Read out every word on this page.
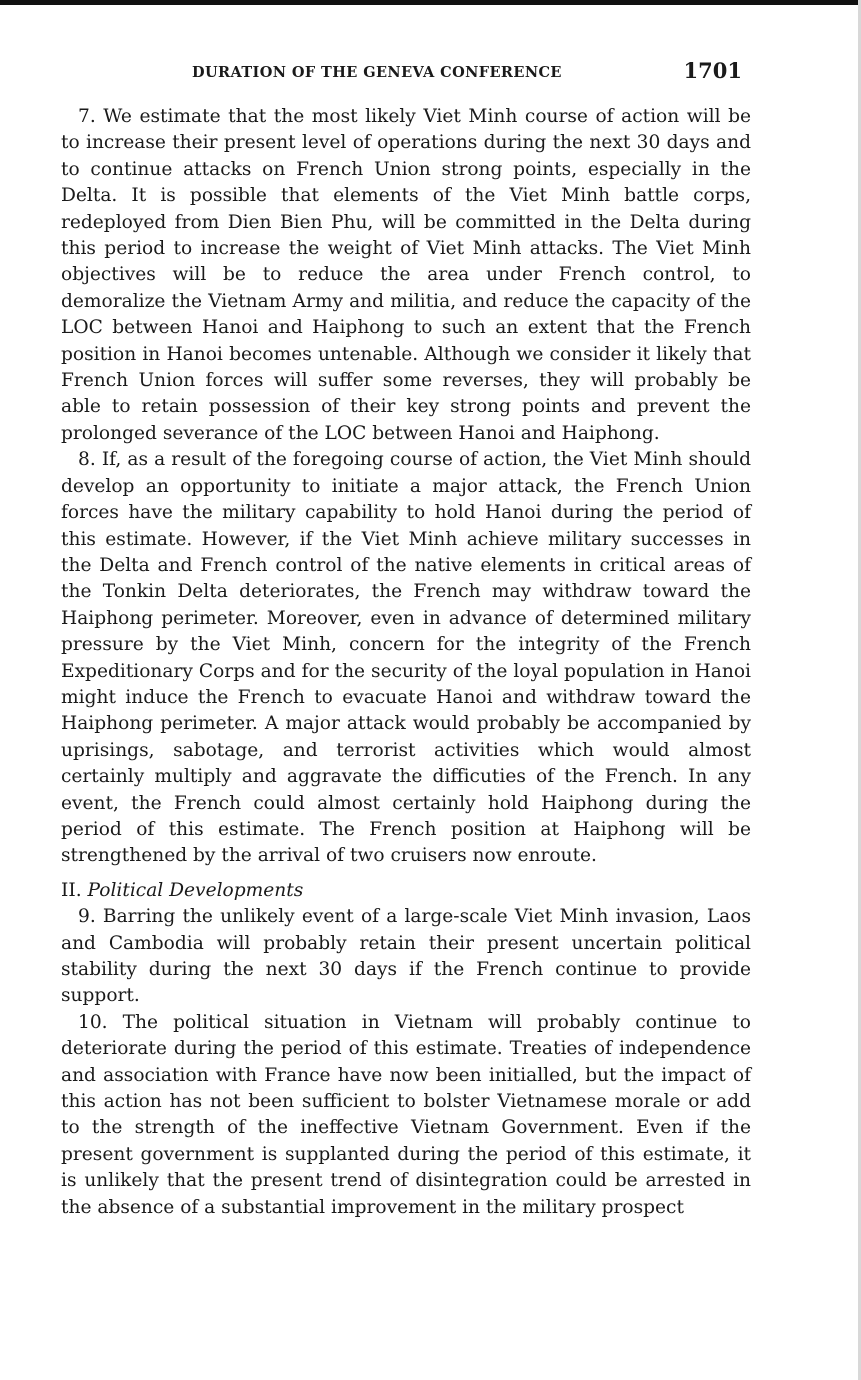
DURATION OF THE GENEVA CONFERENCE	1701

7. We estimate that the most likely Viet Minh course of action will be to increase their present level of operations during the next 30 days and to continue attacks on French Union strong points, especially in the Delta. It is possible that elements of the Viet Minh battle corps, redeployed from Dien Bien Phu, will be committed in the Delta during this period to increase the weight of Viet Minh attacks. The Viet Minh objectives will be to reduce the area under French control, to demoralize the Vietnam Army and militia, and reduce the capacity of the LOC between Hanoi and Haiphong to such an extent that the French position in Hanoi becomes untenable. Although we consider it likely that French Union forces will suffer some reverses, they will probably be able to retain possession of their key strong points and prevent the prolonged severance of the LOC between Hanoi and Haiphong.

8. If, as a result of the foregoing course of action, the Viet Minh should develop an opportunity to initiate a major attack, the French Union forces have the military capability to hold Hanoi during the period of this estimate. However, if the Viet Minh achieve military successes in the Delta and French control of the native elements in critical areas of the Tonkin Delta deteriorates, the French may withdraw toward the Haiphong perimeter. Moreover, even in advance of determined military pressure by the Viet Minh, concern for the integrity of the French Expeditionary Corps and for the security of the loyal population in Hanoi might induce the French to evacuate Hanoi and withdraw toward the Haiphong perimeter. A major attack would probably be accompanied by uprisings, sabotage, and terrorist activities which would almost certainly multiply and aggravate the difficuties of the French. In any event, the French could almost certainly hold Haiphong during the period of this estimate. The French position at Haiphong will be strengthened by the arrival of two cruisers now enroute.

II. Political Developments

9. Barring the unlikely event of a large-scale Viet Minh invasion, Laos and Cambodia will probably retain their present uncertain political stability during the next 30 days if the French continue to provide support.

10. The political situation in Vietnam will probably continue to deteriorate during the period of this estimate. Treaties of independence and association with France have now been initialled, but the impact of this action has not been sufficient to bolster Vietnamese morale or add to the strength of the ineffective Vietnam Government. Even if the present government is supplanted during the period of this estimate, it is unlikely that the present trend of disintegration could be arrested in the absence of a substantial improvement in the military prospect
